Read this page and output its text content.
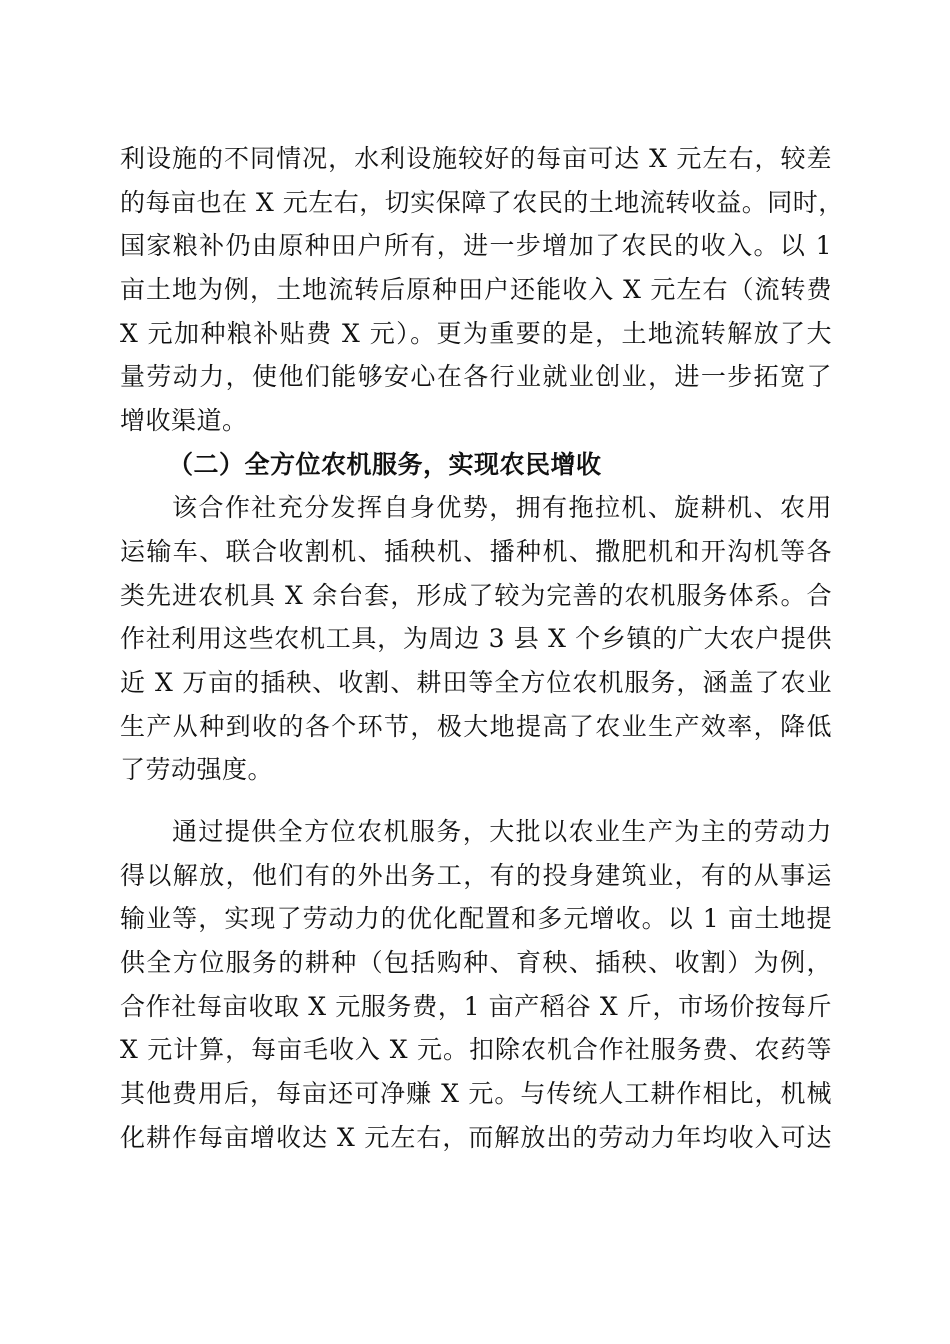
利设施的不同情况，水利设施较好的每亩可达 X 元左右，较差
的每亩也在 X 元左右，切实保障了农民的土地流转收益。同时，
国家粮补仍由原种田户所有，进一步增加了农民的收入。以 1
亩土地为例，土地流转后原种田户还能收入 X 元左右（流转费
X 元加种粮补贴费 X 元）。更为重要的是，土地流转解放了大
量劳动力，使他们能够安心在各行业就业创业，进一步拓宽了
增收渠道。
（二）全方位农机服务，实现农民增收
该合作社充分发挥自身优势，拥有拖拉机、旋耕机、农用
运输车、联合收割机、插秧机、播种机、撒肥机和开沟机等各
类先进农机具 X 余台套，形成了较为完善的农机服务体系。合
作社利用这些农机工具，为周边 3 县 X 个乡镇的广大农户提供
近 X 万亩的插秧、收割、耕田等全方位农机服务，涵盖了农业
生产从种到收的各个环节，极大地提高了农业生产效率，降低
了劳动强度。
通过提供全方位农机服务，大批以农业生产为主的劳动力
得以解放，他们有的外出务工，有的投身建筑业，有的从事运
输业等，实现了劳动力的优化配置和多元增收。以 1 亩土地提
供全方位服务的耕种（包括购种、育秧、插秧、收割）为例，
合作社每亩收取 X 元服务费，1 亩产稻谷 X 斤，市场价按每斤
X 元计算，每亩毛收入 X 元。扣除农机合作社服务费、农药等
其他费用后，每亩还可净赚 X 元。与传统人工耕作相比，机械
化耕作每亩增收达 X 元左右，而解放出的劳动力年均收入可达
